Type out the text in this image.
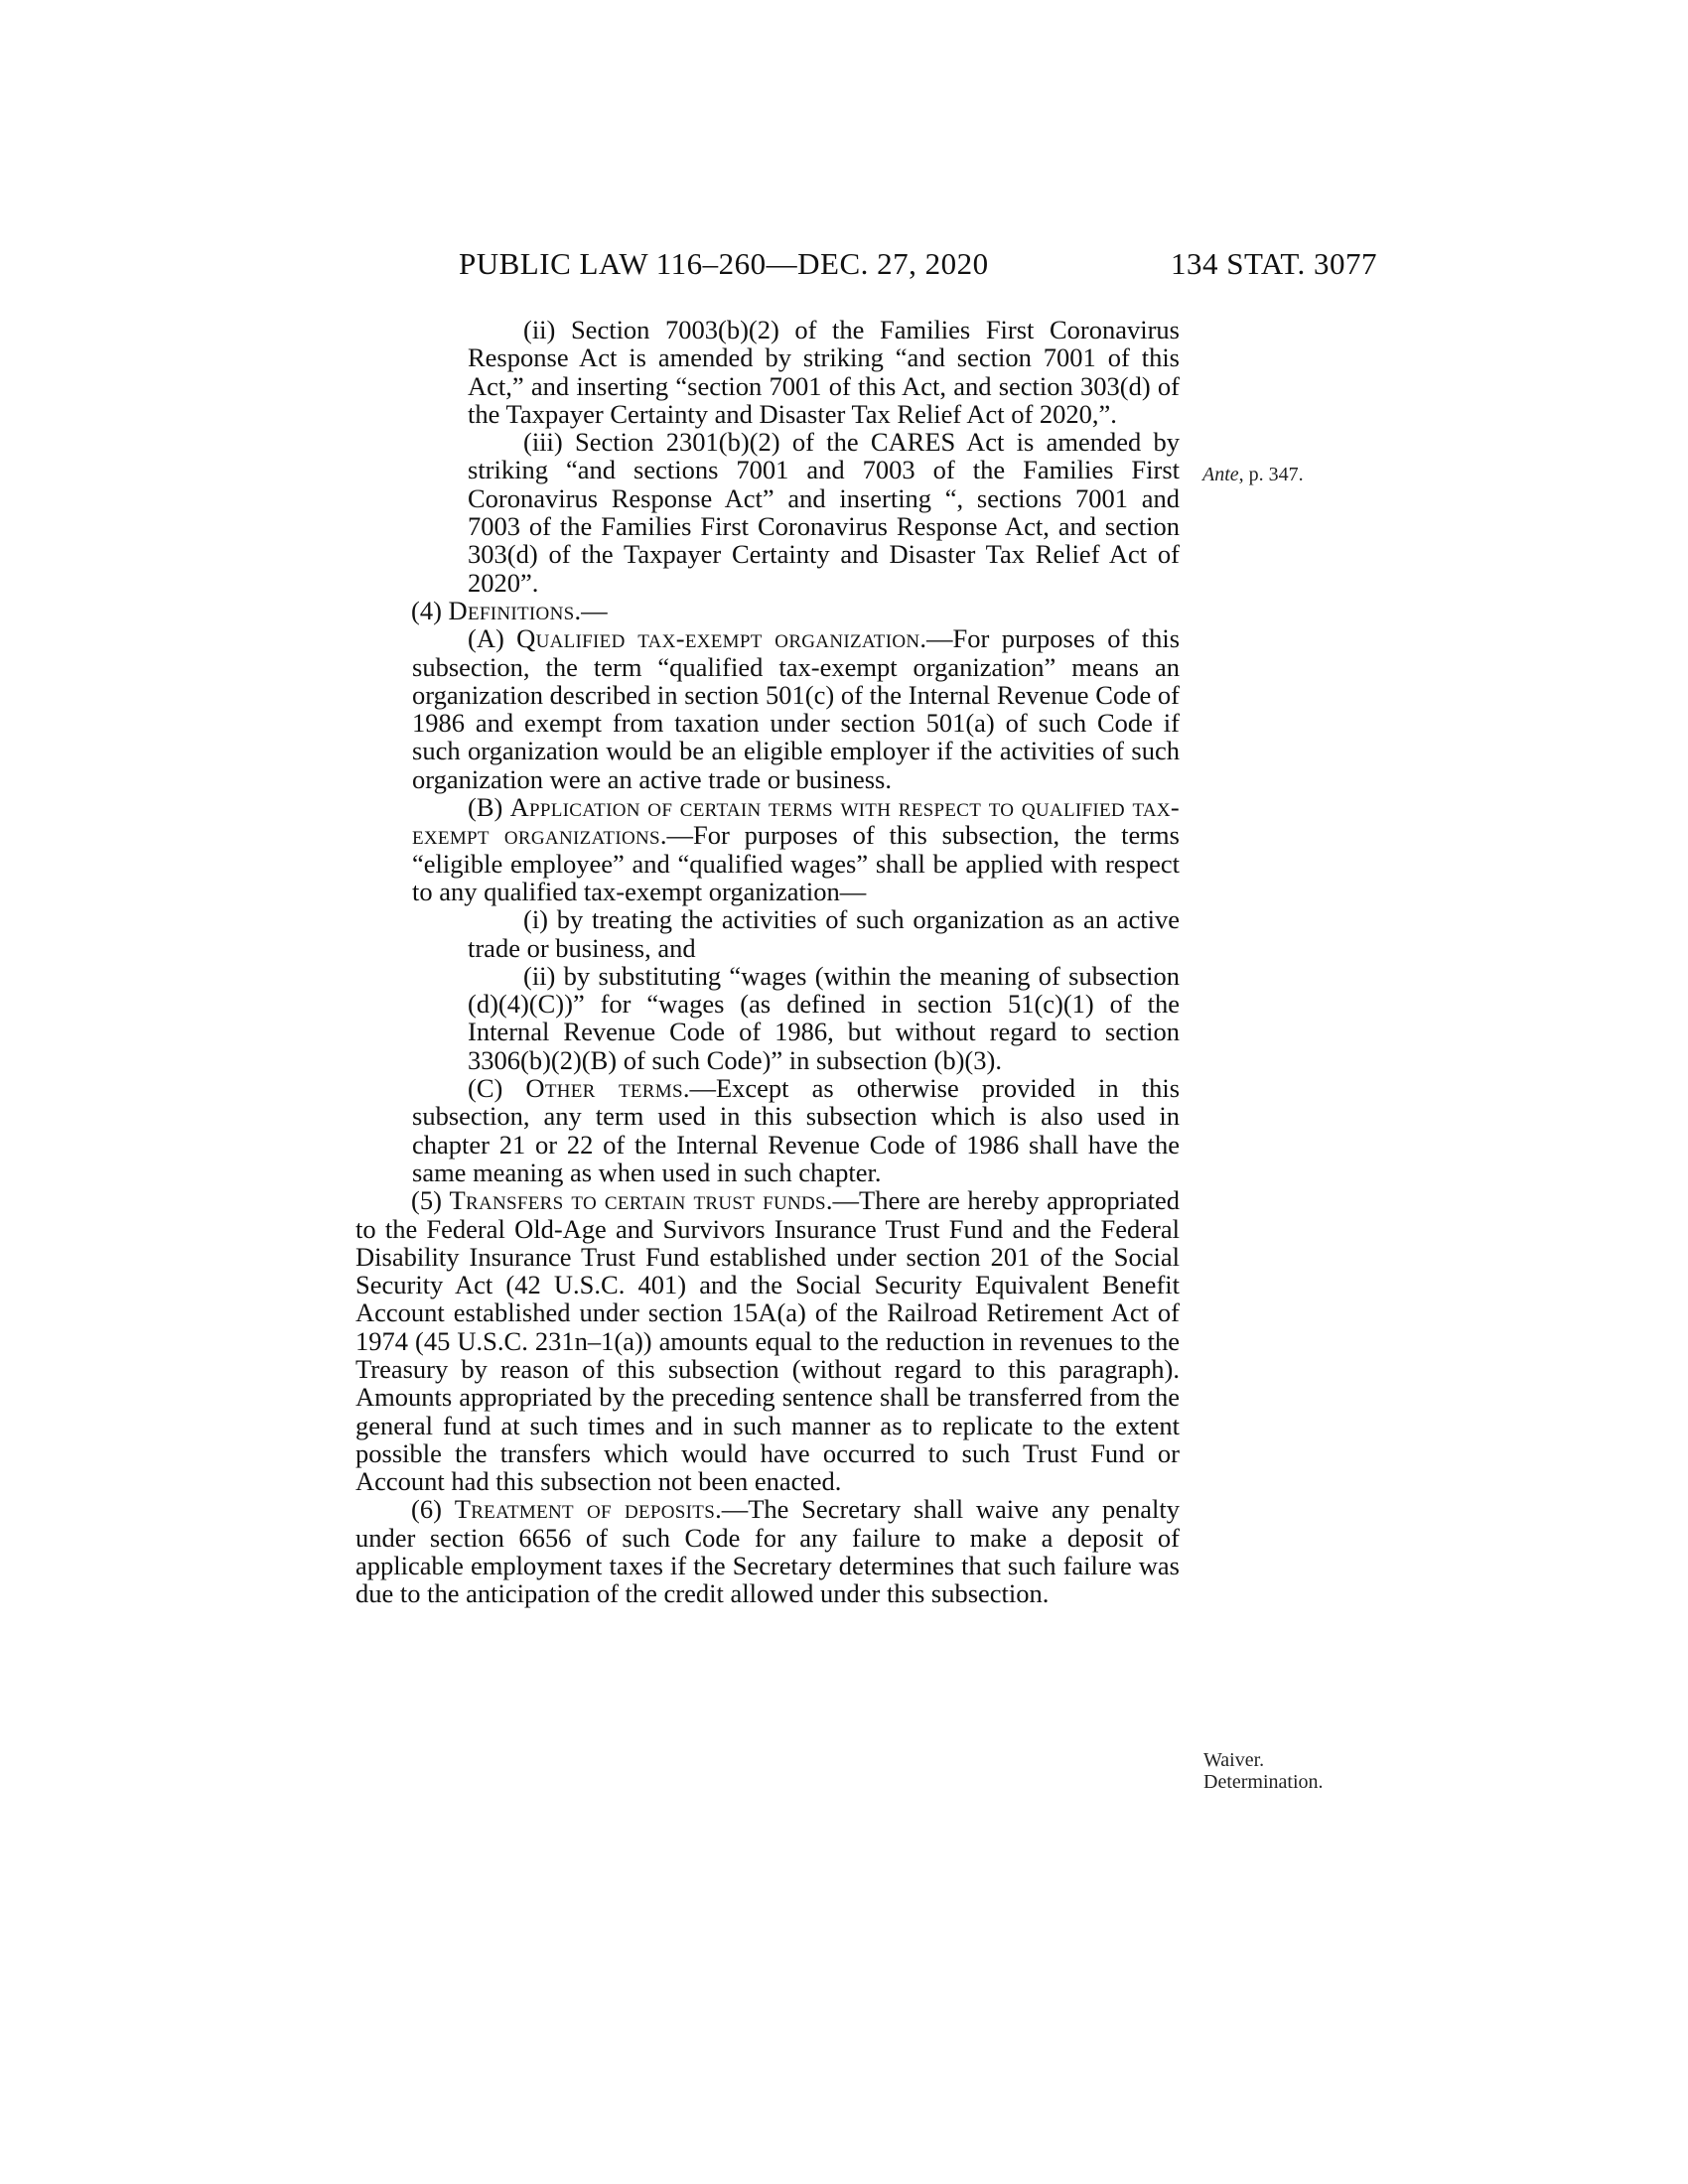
PUBLIC LAW 116–260—DEC. 27, 2020	134 STAT. 3077

(ii) Section 7003(b)(2) of the Families First Coronavirus Response Act is amended by striking “and section 7001 of this Act,” and inserting “section 7001 of this Act, and section 303(d) of the Taxpayer Certainty and Disaster Tax Relief Act of 2020,”.

(iii) Section 2301(b)(2) of the CARES Act is amended by striking “and sections 7001 and 7003 of the Families First Coronavirus Response Act” and inserting “, sections 7001 and 7003 of the Families First Coronavirus Response Act, and section 303(d) of the Taxpayer Certainty and Disaster Tax Relief Act of 2020”.

(4) Definitions.—

(A) Qualified tax-exempt organization.—For purposes of this subsection, the term “qualified tax-exempt organization” means an organization described in section 501(c) of the Internal Revenue Code of 1986 and exempt from taxation under section 501(a) of such Code if such organization would be an eligible employer if the activities of such organization were an active trade or business.

(B) Application of certain terms with respect to qualified tax-exempt organizations.—For purposes of this subsection, the terms “eligible employee” and “qualified wages” shall be applied with respect to any qualified tax-exempt organization—

(i) by treating the activities of such organization as an active trade or business, and

(ii) by substituting “wages (within the meaning of subsection (d)(4)(C))” for “wages (as defined in section 51(c)(1) of the Internal Revenue Code of 1986, but without regard to section 3306(b)(2)(B) of such Code)” in subsection (b)(3).

(C) Other terms.—Except as otherwise provided in this subsection, any term used in this subsection which is also used in chapter 21 or 22 of the Internal Revenue Code of 1986 shall have the same meaning as when used in such chapter.

(5) Transfers to certain trust funds.—There are hereby appropriated to the Federal Old-Age and Survivors Insurance Trust Fund and the Federal Disability Insurance Trust Fund established under section 201 of the Social Security Act (42 U.S.C. 401) and the Social Security Equivalent Benefit Account established under section 15A(a) of the Railroad Retirement Act of 1974 (45 U.S.C. 231n–1(a)) amounts equal to the reduction in revenues to the Treasury by reason of this subsection (without regard to this paragraph). Amounts appropriated by the preceding sentence shall be transferred from the general fund at such times and in such manner as to replicate to the extent possible the transfers which would have occurred to such Trust Fund or Account had this subsection not been enacted.

(6) Treatment of deposits.—The Secretary shall waive any penalty under section 6656 of such Code for any failure to make a deposit of applicable employment taxes if the Secretary determines that such failure was due to the anticipation of the credit allowed under this subsection.

Ante, p. 347.
Waiver.
Determination.
